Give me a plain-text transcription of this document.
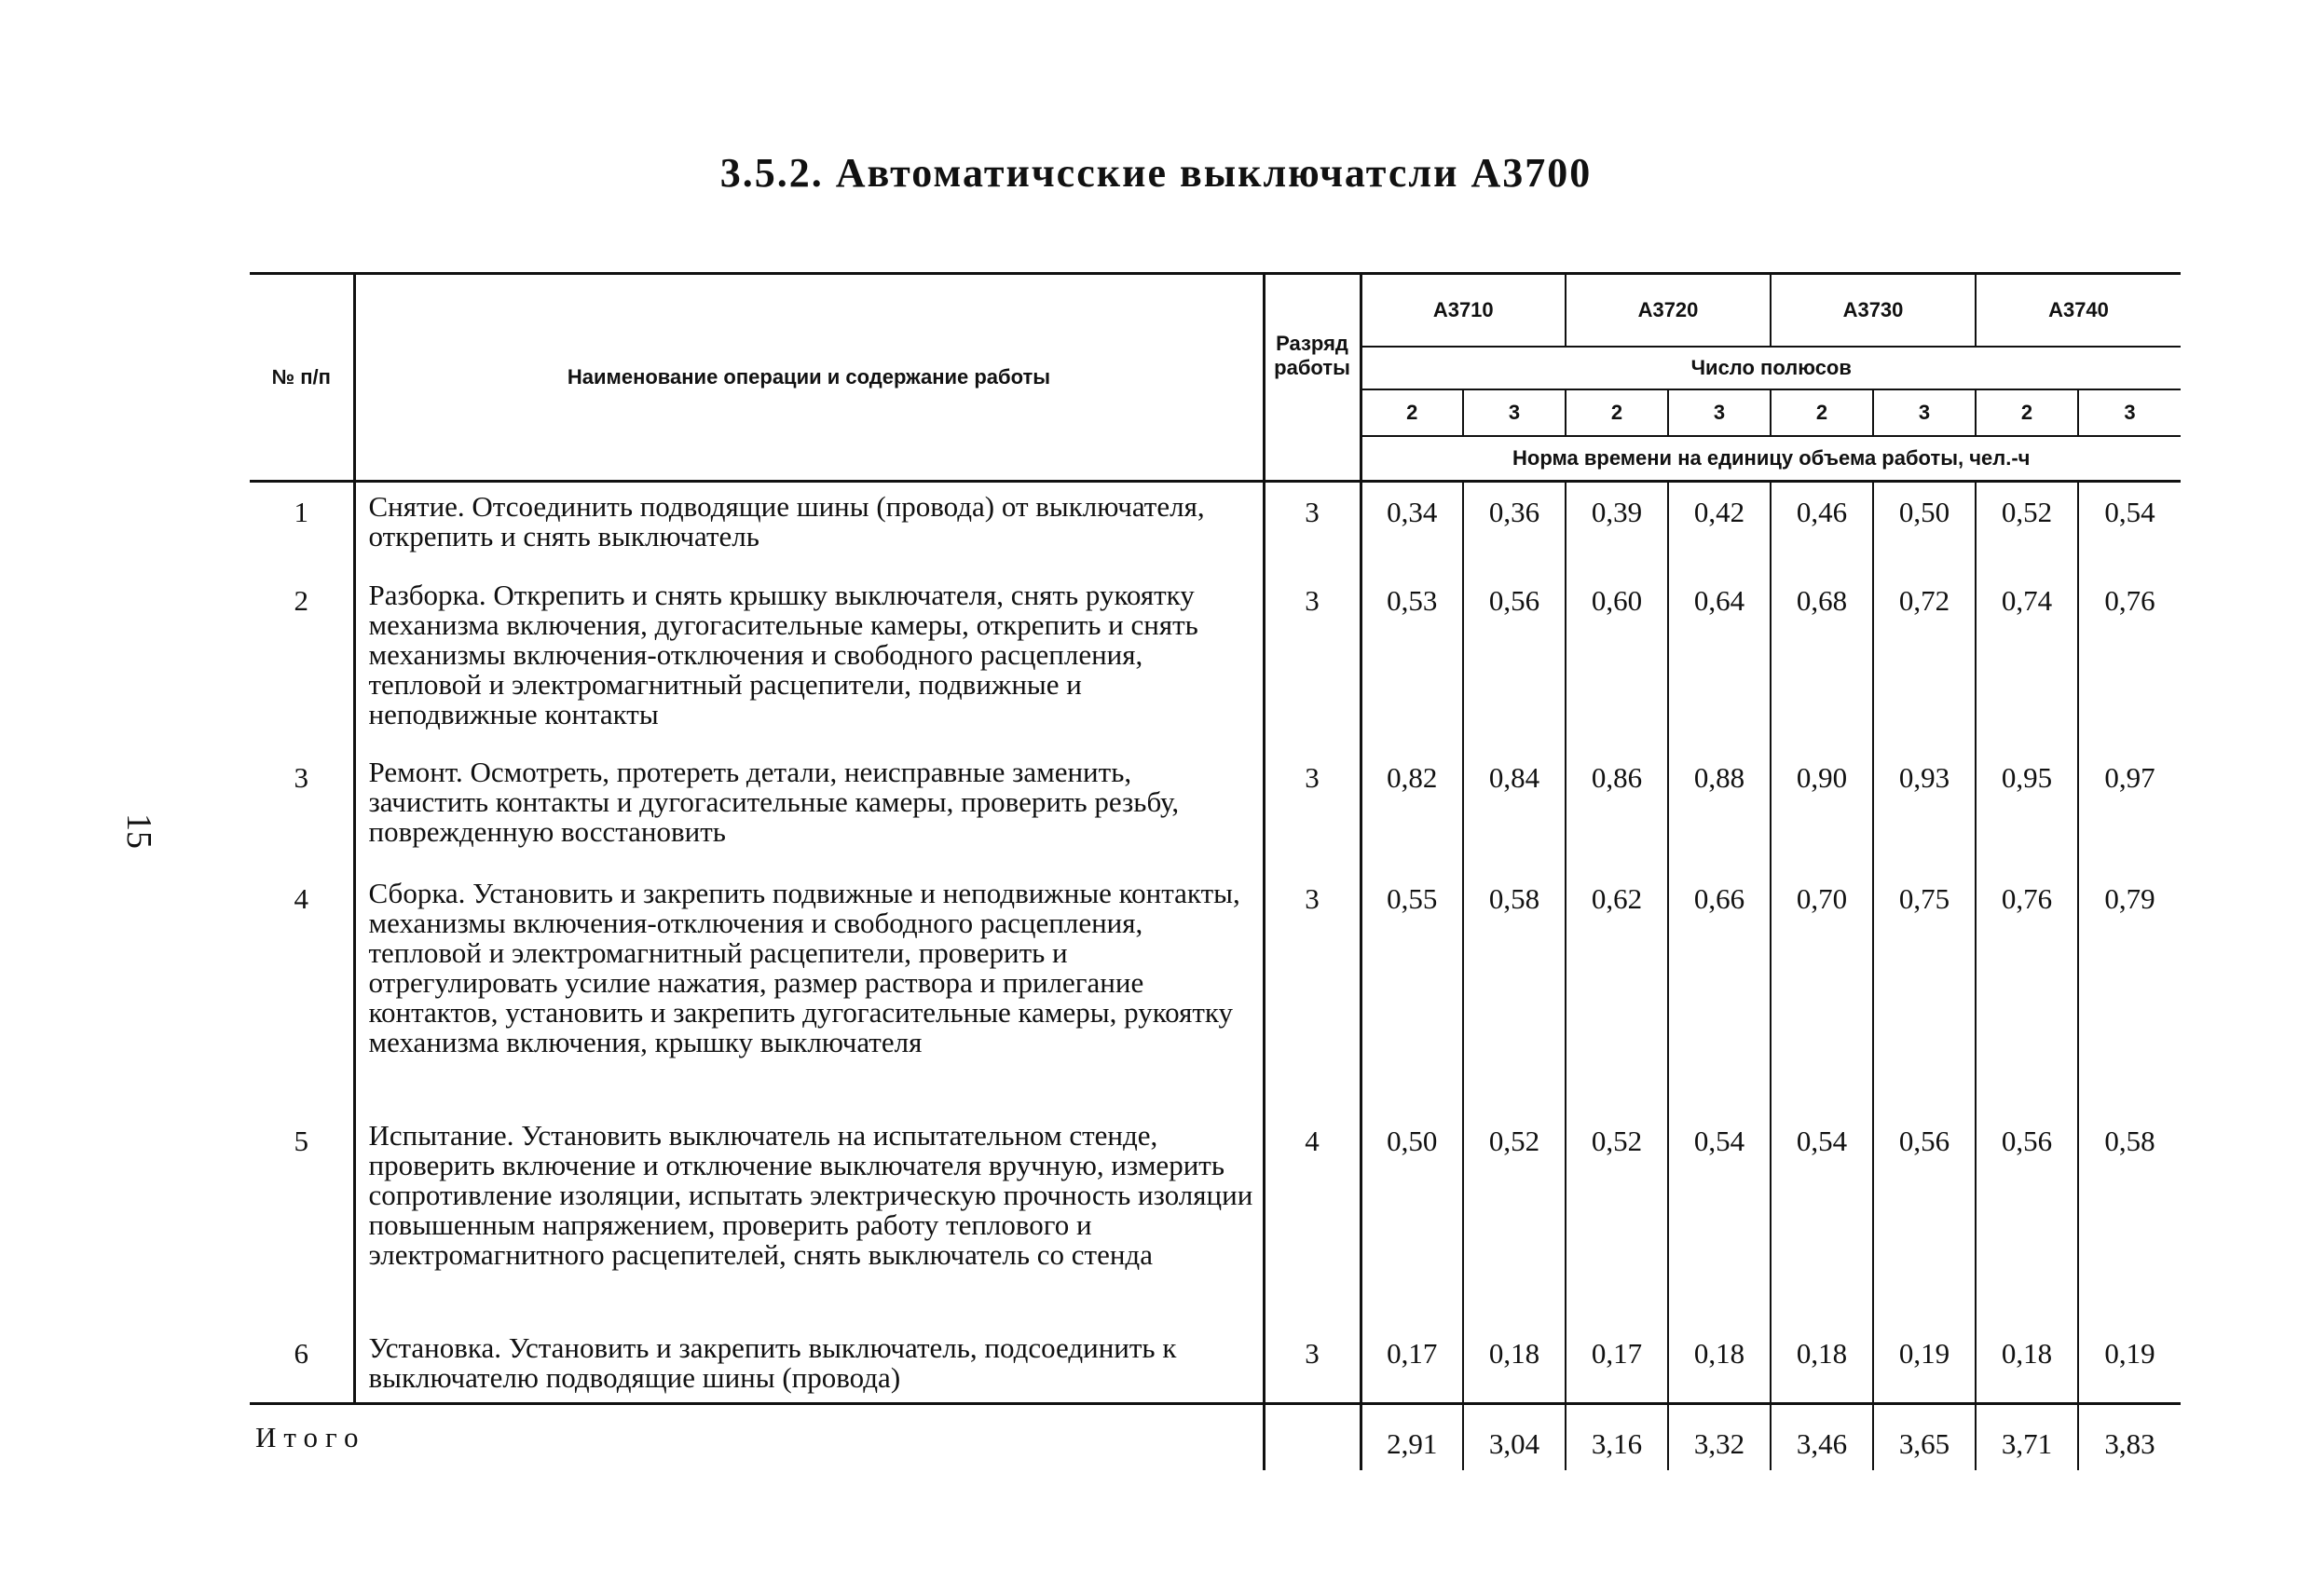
3.5.2. Автоматичсские выключатсли А3700
15
№ п/п	Наименование операции и содержание работы	Разряд работы	А3710		А3720		А3730		А3740	
			Число полюсов							
			2	3	2	3	2	3	2	3
			Норма времени на единицу объема работы, чел.-ч							
1	Снятие. Отсоединить подводящие шины (провода) от выключателя, открепить и снять выключатель	3	0,34	0,36	0,39	0,42	0,46	0,50	0,52	0,54
2	Разборка. Открепить и снять крышку выключателя, снять рукоятку механизма включения, дугогасительные камеры, открепить и снять механизмы включения-отключения и свободного расцепления, тепловой и электромагнитный расцепители, подвижные и неподвижные контакты	3	0,53	0,56	0,60	0,64	0,68	0,72	0,74	0,76
3	Ремонт. Осмотреть, протереть детали, неисправные заменить, зачистить контакты и дугогасительные камеры, проверить резьбу, поврежденную восстановить	3	0,82	0,84	0,86	0,88	0,90	0,93	0,95	0,97
4	Сборка. Установить и закрепить подвижные и неподвижные контакты, механизмы включения-отключения и свободного расцепления, тепловой и электромагнитный расцепители, проверить и отрегулировать усилие нажатия, размер раствора и прилегание контактов, установить и закрепить дугогасительные камеры, рукоятку механизма включения, крышку выключателя	3	0,55	0,58	0,62	0,66	0,70	0,75	0,76	0,79
5	Испытание. Установить выключатель на испытательном стенде, проверить включение и отключение выключателя вручную, измерить сопротивление изоляции, испытать электрическую прочность изоляции повышенным напряжением, проверить работу теплового и электромагнитного расцепителей, снять выключатель со стенда	4	0,50	0,52	0,52	0,54	0,54	0,56	0,56	0,58
6	Установка. Установить и закрепить выключатель, подсоединить к выключателю подводящие шины (провода)	3	0,17	0,18	0,17	0,18	0,18	0,19	0,18	0,19
Итого			2,91	3,04	3,16	3,32	3,46	3,65	3,71	3,83
